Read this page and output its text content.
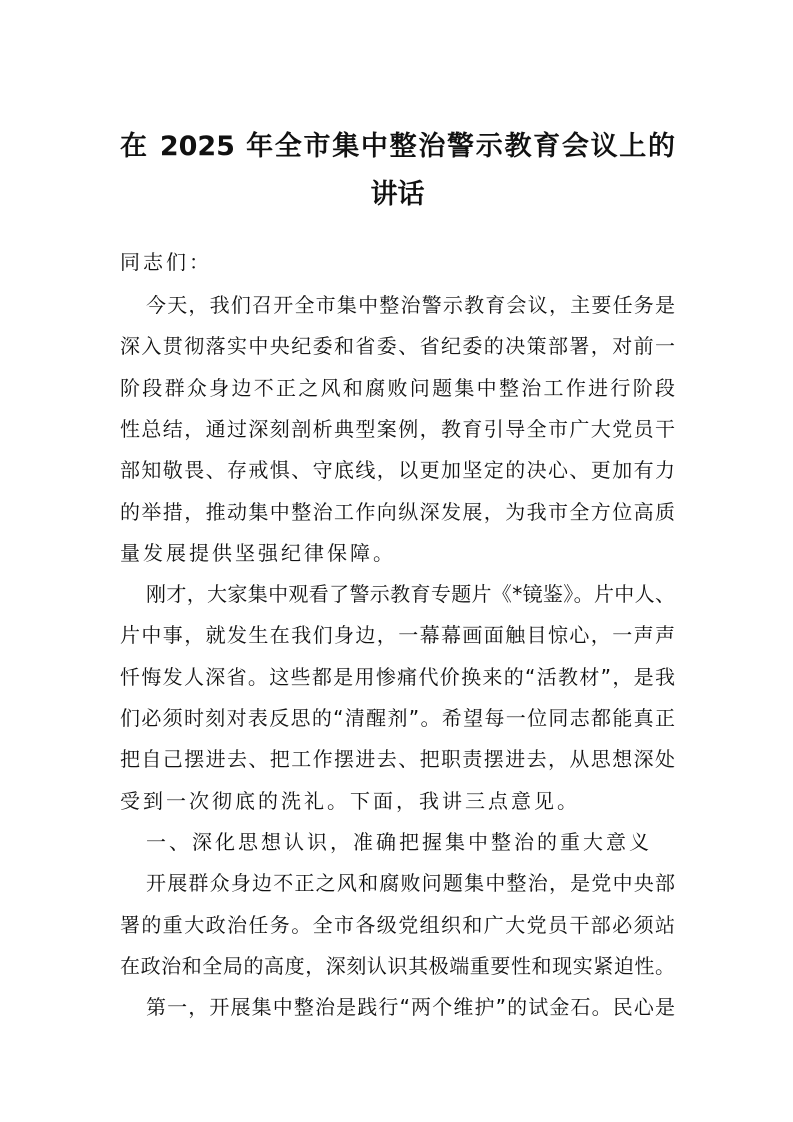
在 2025 年全市集中整治警示教育会议上的
讲话
同志们：
今天，我们召开全市集中整治警示教育会议，主要任务是
深入贯彻落实中央纪委和省委、省纪委的决策部署，对前一
阶段群众身边不正之风和腐败问题集中整治工作进行阶段
性总结，通过深刻剖析典型案例，教育引导全市广大党员干
部知敬畏、存戒惧、守底线，以更加坚定的决心、更加有力
的举措，推动集中整治工作向纵深发展，为我市全方位高质
量发展提供坚强纪律保障。
刚才，大家集中观看了警示教育专题片《*镜鉴》。片中人、
片中事，就发生在我们身边，一幕幕画面触目惊心，一声声
忏悔发人深省。这些都是用惨痛代价换来的“活教材”，是我
们必须时刻对表反思的“清醒剂”。希望每一位同志都能真正
把自己摆进去、把工作摆进去、把职责摆进去，从思想深处
受到一次彻底的洗礼。下面，我讲三点意见。
一、深化思想认识，准确把握集中整治的重大意义
开展群众身边不正之风和腐败问题集中整治，是党中央部
署的重大政治任务。全市各级党组织和广大党员干部必须站
在政治和全局的高度，深刻认识其极端重要性和现实紧迫性。
第一，开展集中整治是践行“两个维护”的试金石。民心是
